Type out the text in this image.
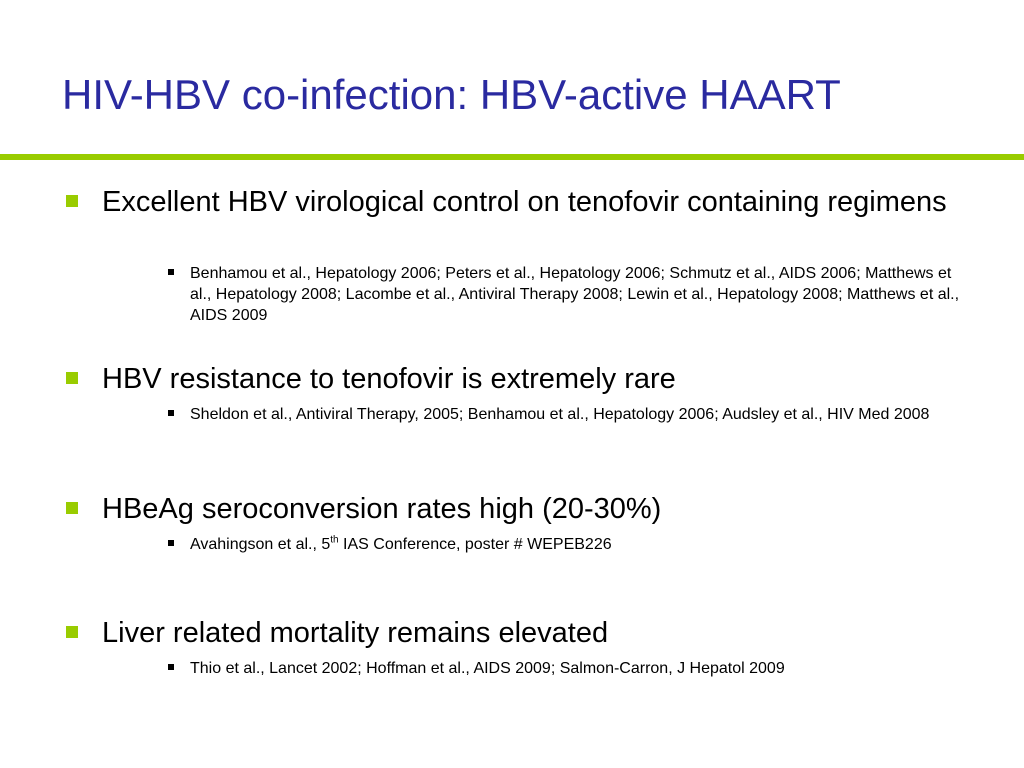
HIV-HBV co-infection: HBV-active HAART
Excellent HBV virological control on tenofovir containing regimens
Benhamou et al., Hepatology 2006; Peters et al., Hepatology 2006; Schmutz et al., AIDS 2006; Matthews et al., Hepatology 2008; Lacombe et al., Antiviral Therapy 2008; Lewin et al., Hepatology 2008; Matthews et al., AIDS 2009
HBV resistance to tenofovir is extremely rare
Sheldon et al., Antiviral Therapy, 2005; Benhamou et al., Hepatology 2006; Audsley et al., HIV Med 2008
HBeAg seroconversion rates high (20-30%)
Avahingson et al., 5th IAS Conference, poster # WEPEB226
Liver related mortality remains elevated
Thio et al., Lancet 2002; Hoffman et al., AIDS 2009; Salmon-Carron, J Hepatol 2009
